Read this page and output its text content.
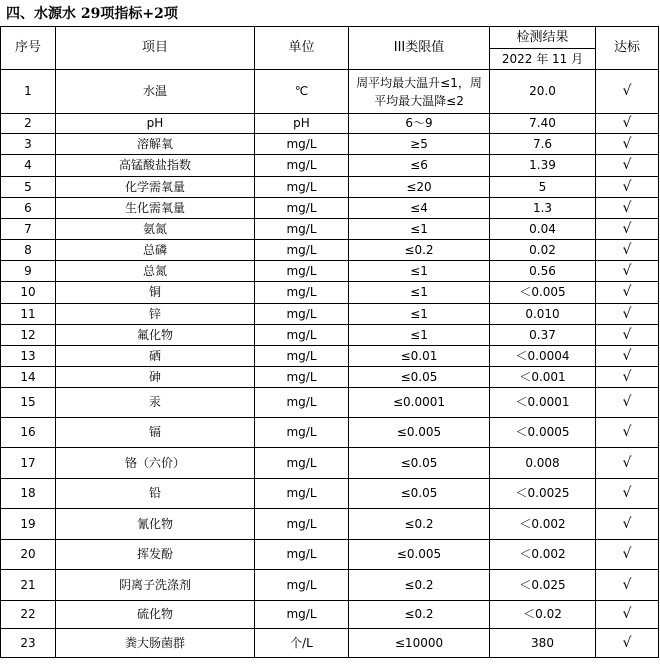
四、水源水 29项指标+2项
序号	项目	单位	III类限值	检测结果	达标
				2022 年 11 月	
1	水温	℃	周平均最大温升≤1，周平均最大温降≤2	20.0	√
2	pH	pH	6～9	7.40	√
3	溶解氧	mg/L	≥5	7.6	√
4	高锰酸盐指数	mg/L	≤6	1.39	√
5	化学需氧量	mg/L	≤20	5	√
6	生化需氧量	mg/L	≤4	1.3	√
7	氨氮	mg/L	≤1	0.04	√
8	总磷	mg/L	≤0.2	0.02	√
9	总氮	mg/L	≤1	0.56	√
10	铜	mg/L	≤1	＜0.005	√
11	锌	mg/L	≤1	0.010	√
12	氟化物	mg/L	≤1	0.37	√
13	硒	mg/L	≤0.01	＜0.0004	√
14	砷	mg/L	≤0.05	＜0.001	√
15	汞	mg/L	≤0.0001	＜0.0001	√
16	镉	mg/L	≤0.005	＜0.0005	√
17	铬（六价）	mg/L	≤0.05	0.008	√
18	铅	mg/L	≤0.05	＜0.0025	√
19	氰化物	mg/L	≤0.2	＜0.002	√
20	挥发酚	mg/L	≤0.005	＜0.002	√
21	阴离子洗涤剂	mg/L	≤0.2	＜0.025	√
22	硫化物	mg/L	≤0.2	＜0.02	√
23	粪大肠菌群	个/L	≤10000	380	√
